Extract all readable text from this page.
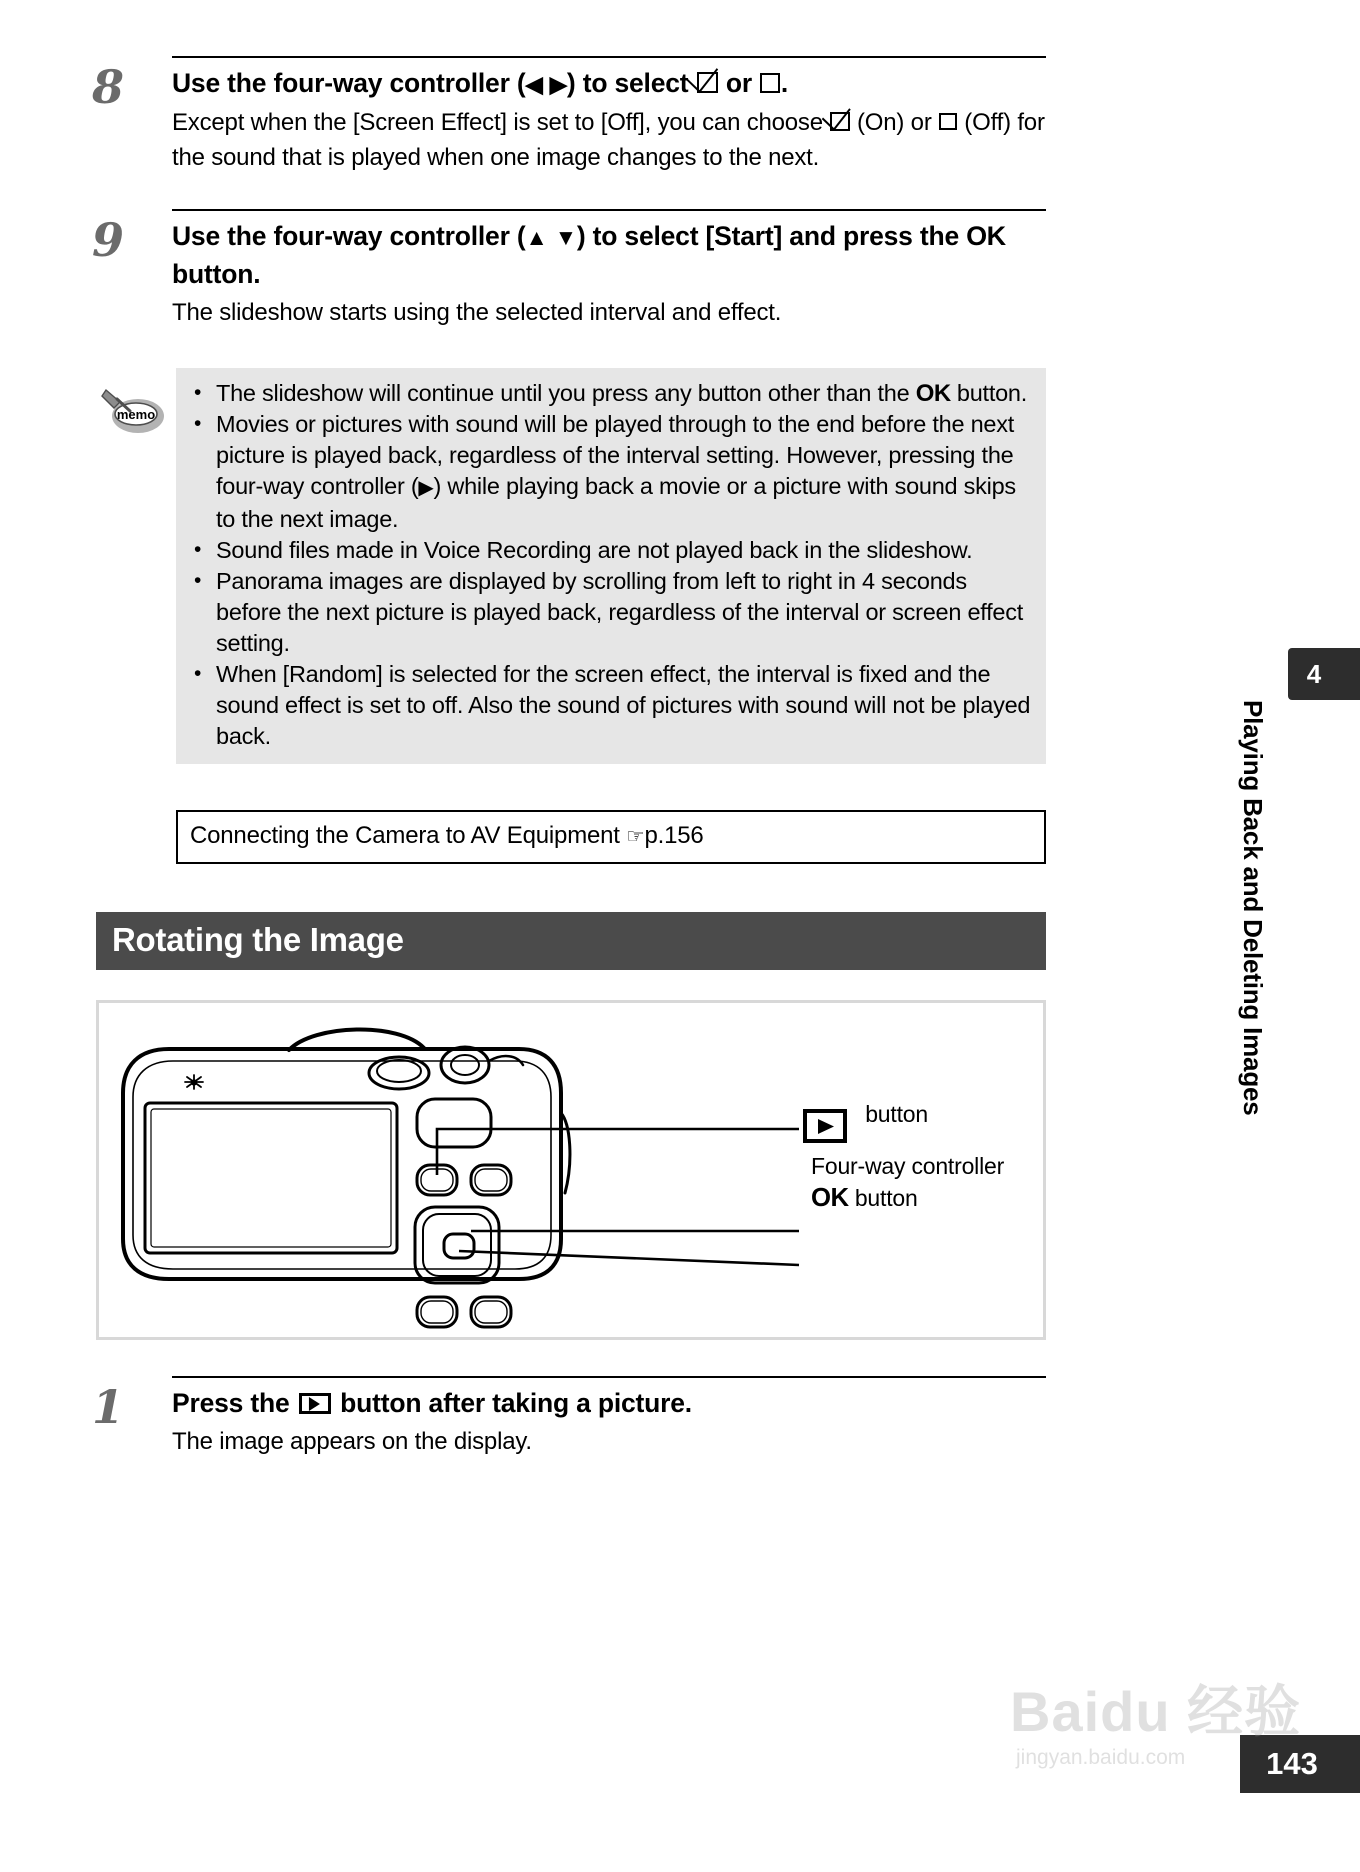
8	Use the four-way controller ( ◀ ▶ ) to select  or .
Except when the [Screen Effect] is set to [Off], you can choose  (On) or  (Off) for the sound that is played when one image changes to the next.
9	Use the four-way controller ( ▲ ▼ ) to select [Start] and press the OK button.
The slideshow starts using the selected interval and effect.
memo
• The slideshow will continue until you press any button other than the OK button.
• Movies or pictures with sound will be played through to the end before the next picture is played back, regardless of the interval setting. However, pressing the four-way controller ( ▶ ) while playing back a movie or a picture with sound skips to the next image.
• Sound files made in Voice Recording are not played back in the slideshow.
• Panorama images are displayed by scrolling from left to right in 4 seconds before the next picture is played back, regardless of the interval or screen effect setting.
• When [Random] is selected for the screen effect, the interval is fixed and the sound effect is set to off. Also the sound of pictures with sound will not be played back.
Connecting the Camera to AV Equipment ☞p.156
Rotating the Image
button
Four-way controller
OK button
1	Press the  button after taking a picture.
The image appears on the display.
4
Playing Back and Deleting Images
143
Baidu 经验
jingyan.baidu.com
